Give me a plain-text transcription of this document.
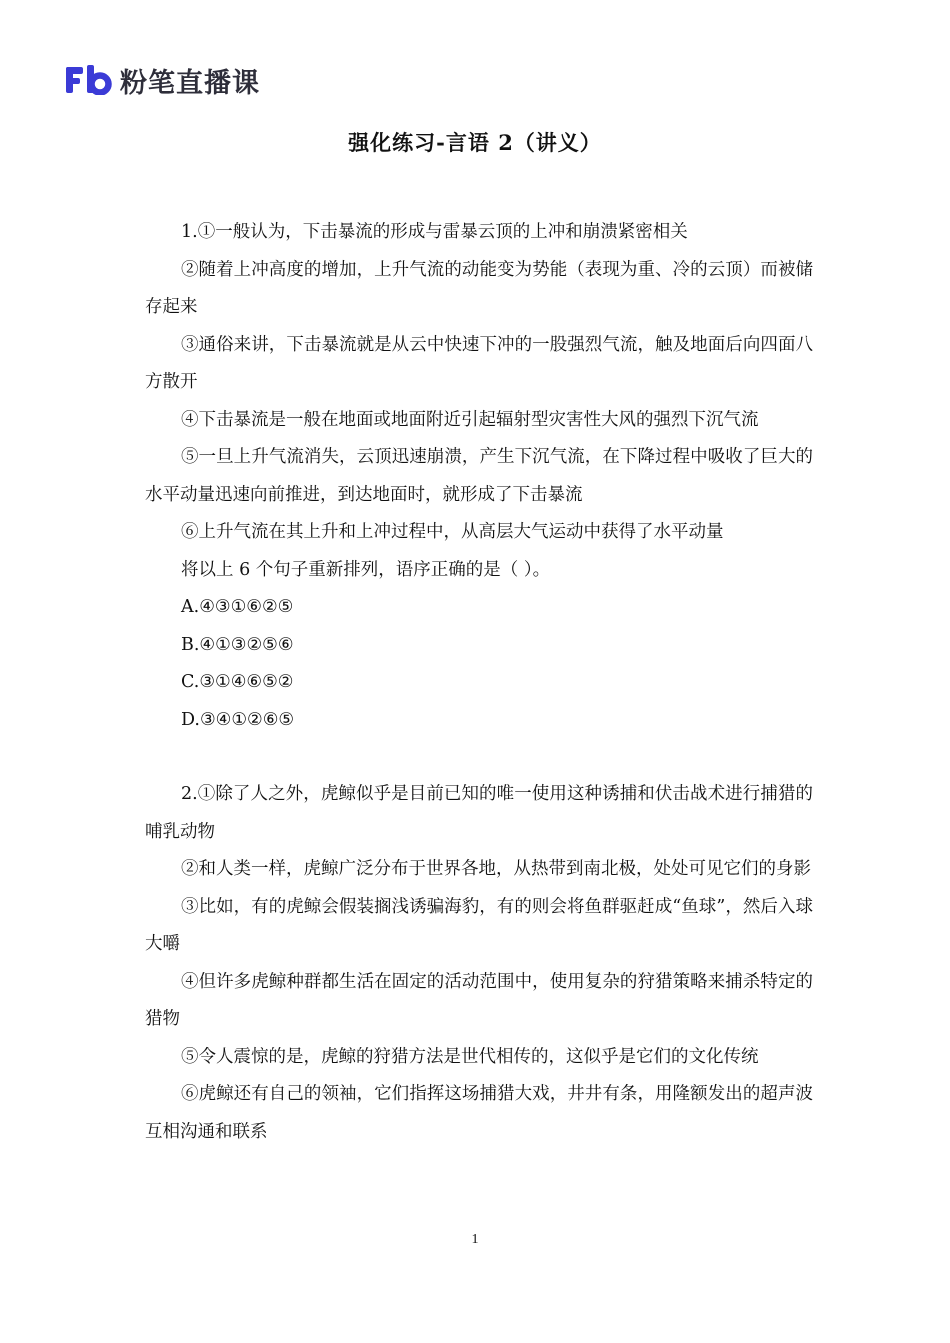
粉笔直播课
强化练习-言语 2（讲义）

1.①一般认为，下击暴流的形成与雷暴云顶的上冲和崩溃紧密相关

②随着上冲高度的增加，上升气流的动能变为势能（表现为重、冷的云顶）而被储存起来

③通俗来讲，下击暴流就是从云中快速下冲的一股强烈气流，触及地面后向四面八方散开

④下击暴流是一般在地面或地面附近引起辐射型灾害性大风的强烈下沉气流

⑤一旦上升气流消失，云顶迅速崩溃，产生下沉气流，在下降过程中吸收了巨大的水平动量迅速向前推进，到达地面时，就形成了下击暴流

⑥上升气流在其上升和上冲过程中，从高层大气运动中获得了水平动量

将以上 6 个句子重新排列，语序正确的是（ ）。

A.④③①⑥②⑤

B.④①③②⑤⑥

C.③①④⑥⑤②

D.③④①②⑥⑤

2.①除了人之外，虎鲸似乎是目前已知的唯一使用这种诱捕和伏击战术进行捕猎的哺乳动物

②和人类一样，虎鲸广泛分布于世界各地，从热带到南北极，处处可见它们的身影

③比如，有的虎鲸会假装搁浅诱骗海豹，有的则会将鱼群驱赶成“鱼球”，然后入球大嚼

④但许多虎鲸种群都生活在固定的活动范围中，使用复杂的狩猎策略来捕杀特定的猎物

⑤令人震惊的是，虎鲸的狩猎方法是世代相传的，这似乎是它们的文化传统

⑥虎鲸还有自己的领袖，它们指挥这场捕猎大戏，井井有条，用隆额发出的超声波互相沟通和联系

1
